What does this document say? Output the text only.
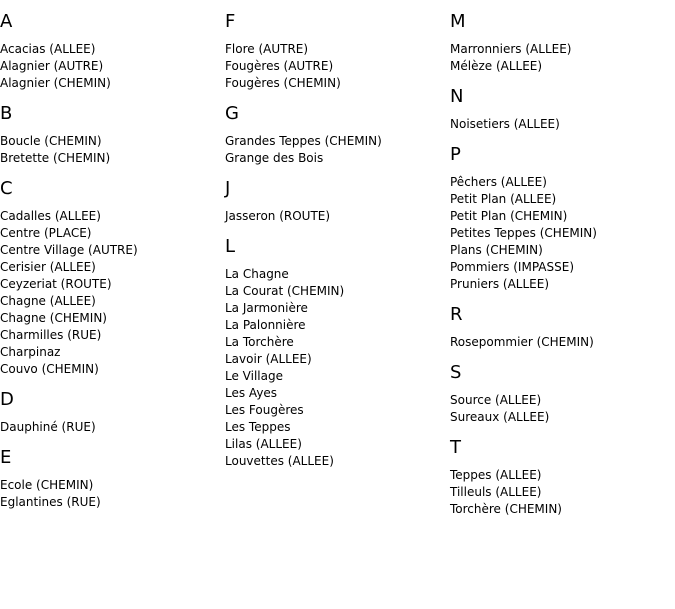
A
Acacias (ALLEE)
Alagnier (AUTRE)
Alagnier (CHEMIN)
B
Boucle (CHEMIN)
Bretette (CHEMIN)
C
Cadalles (ALLEE)
Centre (PLACE)
Centre Village (AUTRE)
Cerisier (ALLEE)
Ceyzeriat (ROUTE)
Chagne (ALLEE)
Chagne (CHEMIN)
Charmilles (RUE)
Charpinaz
Couvo (CHEMIN)
D
Dauphiné (RUE)
E
Ecole (CHEMIN)
Eglantines (RUE)
F
Flore (AUTRE)
Fougères (AUTRE)
Fougères (CHEMIN)
G
Grandes Teppes (CHEMIN)
Grange des Bois
J
Jasseron (ROUTE)
L
La Chagne
La Courat (CHEMIN)
La Jarmonière
La Palonnière
La Torchère
Lavoir (ALLEE)
Le Village
Les Ayes
Les Fougères
Les Teppes
Lilas (ALLEE)
Louvettes (ALLEE)
M
Marronniers (ALLEE)
Mélèze (ALLEE)
N
Noisetiers (ALLEE)
P
Pêchers (ALLEE)
Petit Plan (ALLEE)
Petit Plan (CHEMIN)
Petites Teppes (CHEMIN)
Plans (CHEMIN)
Pommiers (IMPASSE)
Pruniers (ALLEE)
R
Rosepommier (CHEMIN)
S
Source (ALLEE)
Sureaux (ALLEE)
T
Teppes (ALLEE)
Tilleuls (ALLEE)
Torchère (CHEMIN)
